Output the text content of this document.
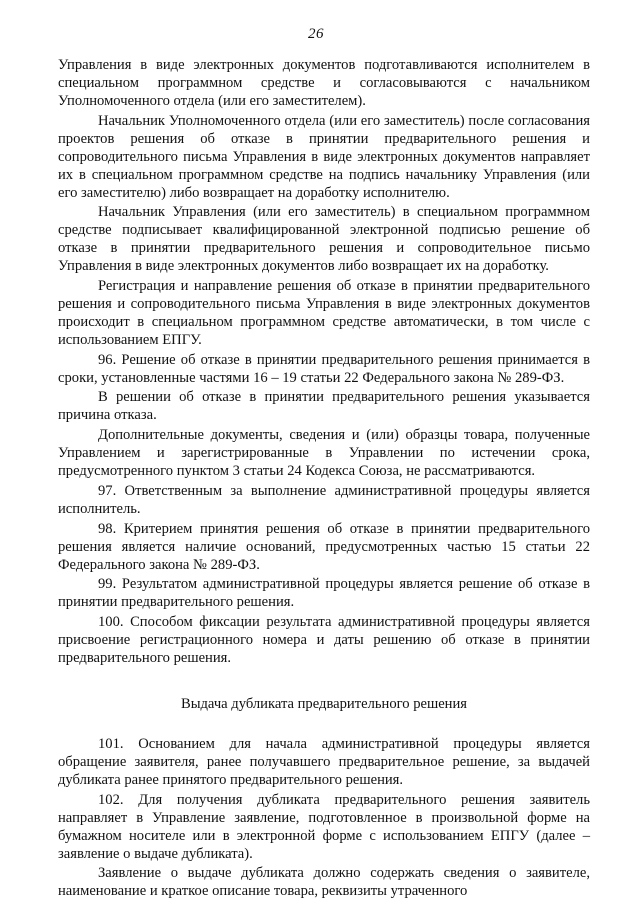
26

Управления в виде электронных документов подготавливаются исполнителем в специальном программном средстве и согласовываются с начальником Уполномоченного отдела (или его заместителем).

Начальник Уполномоченного отдела (или его заместитель) после согласования проектов решения об отказе в принятии предварительного решения и сопроводительного письма Управления в виде электронных документов направляет их в специальном программном средстве на подпись начальнику Управления (или его заместителю) либо возвращает на доработку исполнителю.

Начальник Управления (или его заместитель) в специальном программном средстве подписывает квалифицированной электронной подписью решение об отказе в принятии предварительного решения и сопроводительное письмо Управления в виде электронных документов либо возвращает их на доработку.

Регистрация и направление решения об отказе в принятии предварительного решения и сопроводительного письма Управления в виде электронных документов происходит в специальном программном средстве автоматически, в том числе с использованием ЕПГУ.

96. Решение об отказе в принятии предварительного решения принимается в сроки, установленные частями 16 – 19 статьи 22 Федерального закона № 289-ФЗ.

В решении об отказе в принятии предварительного решения указывается причина отказа.

Дополнительные документы, сведения и (или) образцы товара, полученные Управлением и зарегистрированные в Управлении по истечении срока, предусмотренного пунктом 3 статьи 24 Кодекса Союза, не рассматриваются.

97. Ответственным за выполнение административной процедуры является исполнитель.

98. Критерием принятия решения об отказе в принятии предварительного решения является наличие оснований, предусмотренных частью 15 статьи 22 Федерального закона № 289-ФЗ.

99. Результатом административной процедуры является решение об отказе в принятии предварительного решения.

100. Способом фиксации результата административной процедуры является присвоение регистрационного номера и даты решению об отказе в принятии предварительного решения.

Выдача дубликата предварительного решения

101. Основанием для начала административной процедуры является обращение заявителя, ранее получавшего предварительное решение, за выдачей дубликата ранее принятого предварительного решения.

102. Для получения дубликата предварительного решения заявитель направляет в Управление заявление, подготовленное в произвольной форме на бумажном носителе или в электронной форме с использованием ЕПГУ (далее – заявление о выдаче дубликата).

Заявление о выдаче дубликата должно содержать сведения о заявителе, наименование и краткое описание товара, реквизиты утраченного
